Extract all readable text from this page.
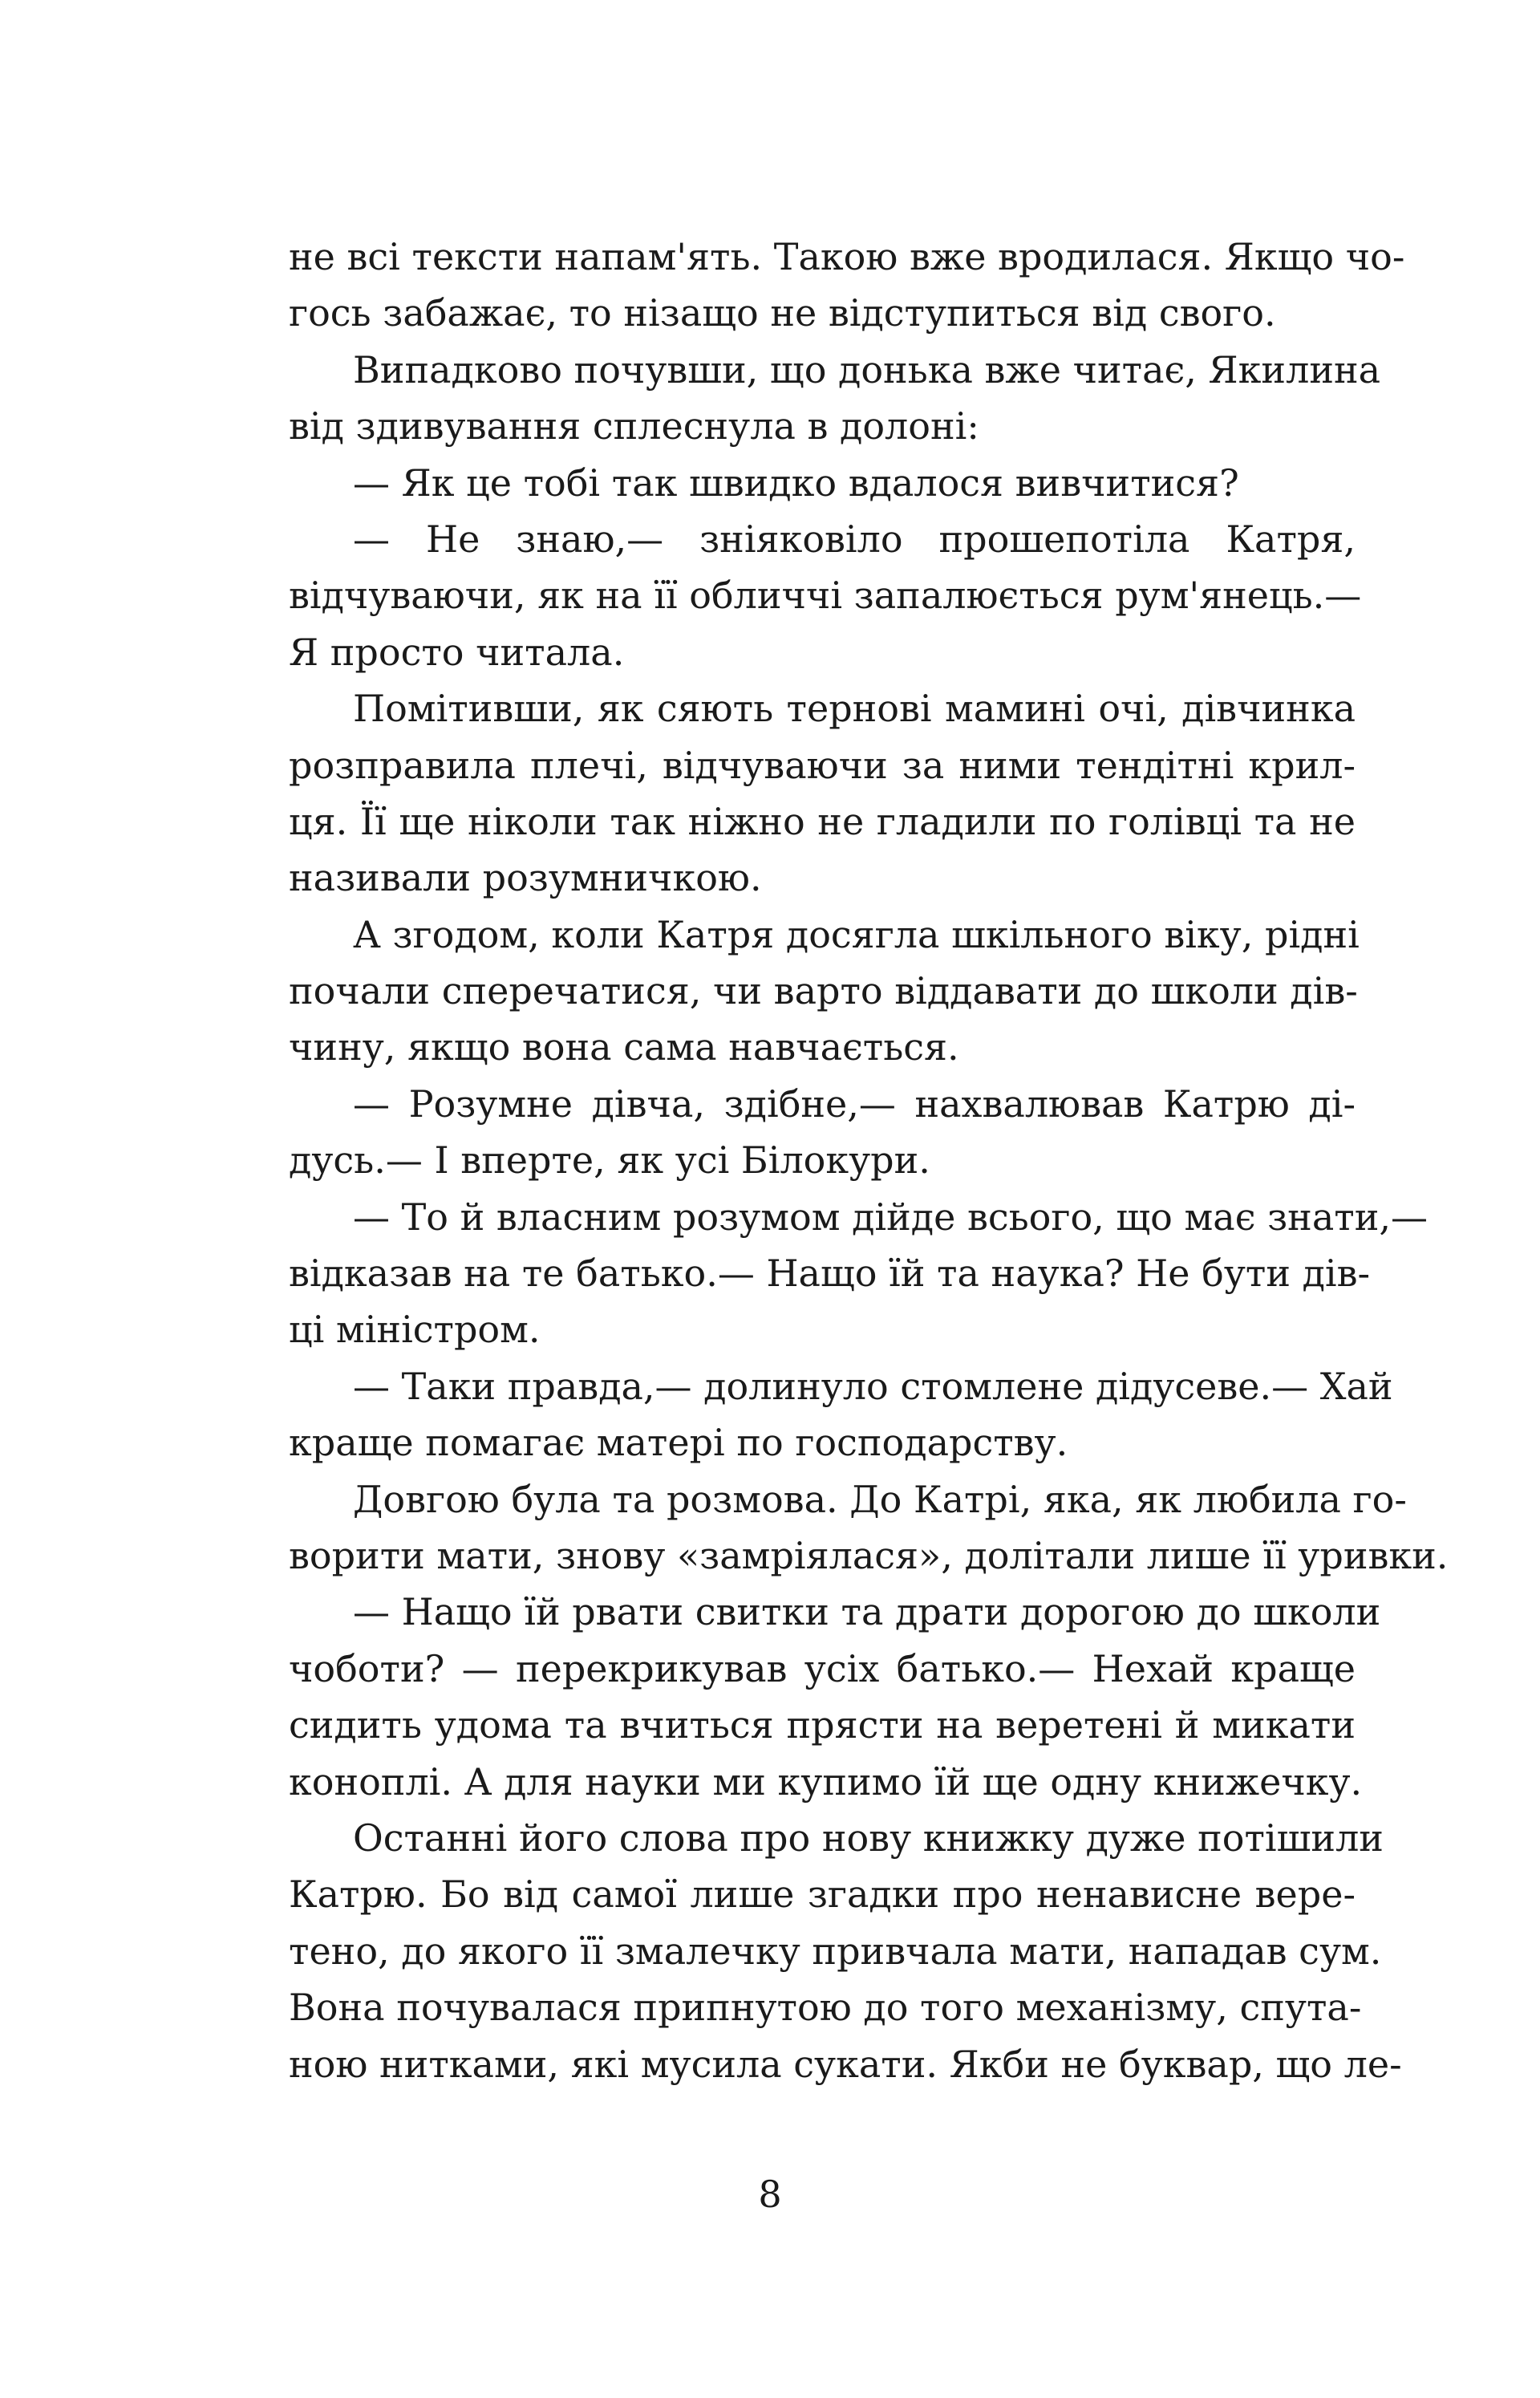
не всі тексти напам'ять. Такою вже вродилася. Якщо чо-
гось забажає, то нізащо не відступиться від свого.
Випадково почувши, що донька вже читає, Якилина
від здивування сплеснула в долоні:
— Як це тобі так швидко вдалося вивчитися?
— Не знаю,— зніяковіло прошепотіла Катря,
відчуваючи, як на її обличчі запалюється рум'янець.—
Я просто читала.
Помітивши, як сяють тернові мамині очі, дівчинка
розправила плечі, відчуваючи за ними тендітні крил-
ця. Її ще ніколи так ніжно не гладили по голівці та не
називали розумничкою.
А згодом, коли Катря досягла шкільного віку, рідні
почали сперечатися, чи варто віддавати до школи дів-
чину, якщо вона сама навчається.
— Розумне дівча, здібне,— нахвалював Катрю ді-
дусь.— І вперте, як усі Білокури.
— То й власним розумом дійде всього, що має знати,—
відказав на те батько.— Нащо їй та наука? Не бути дів-
ці міністром.
— Таки правда,— долинуло стомлене дідусеве.— Хай
краще помагає матері по господарству.
Довгою була та розмова. До Катрі, яка, як любила го-
ворити мати, знову «замріялася», долітали лише її уривки.
— Нащо їй рвати свитки та драти дорогою до школи
чоботи? — перекрикував усіх батько.— Нехай краще
сидить удома та вчиться прясти на веретені й микати
коноплі. А для науки ми купимо їй ще одну книжечку.
Останні його слова про нову книжку дуже потішили
Катрю. Бо від самої лише згадки про ненависне вере-
тено, до якого її змалечку привчала мати, нападав сум.
Вона почувалася припнутою до того механізму, спута-
ною нитками, які мусила сукати. Якби не буквар, що ле-
8
